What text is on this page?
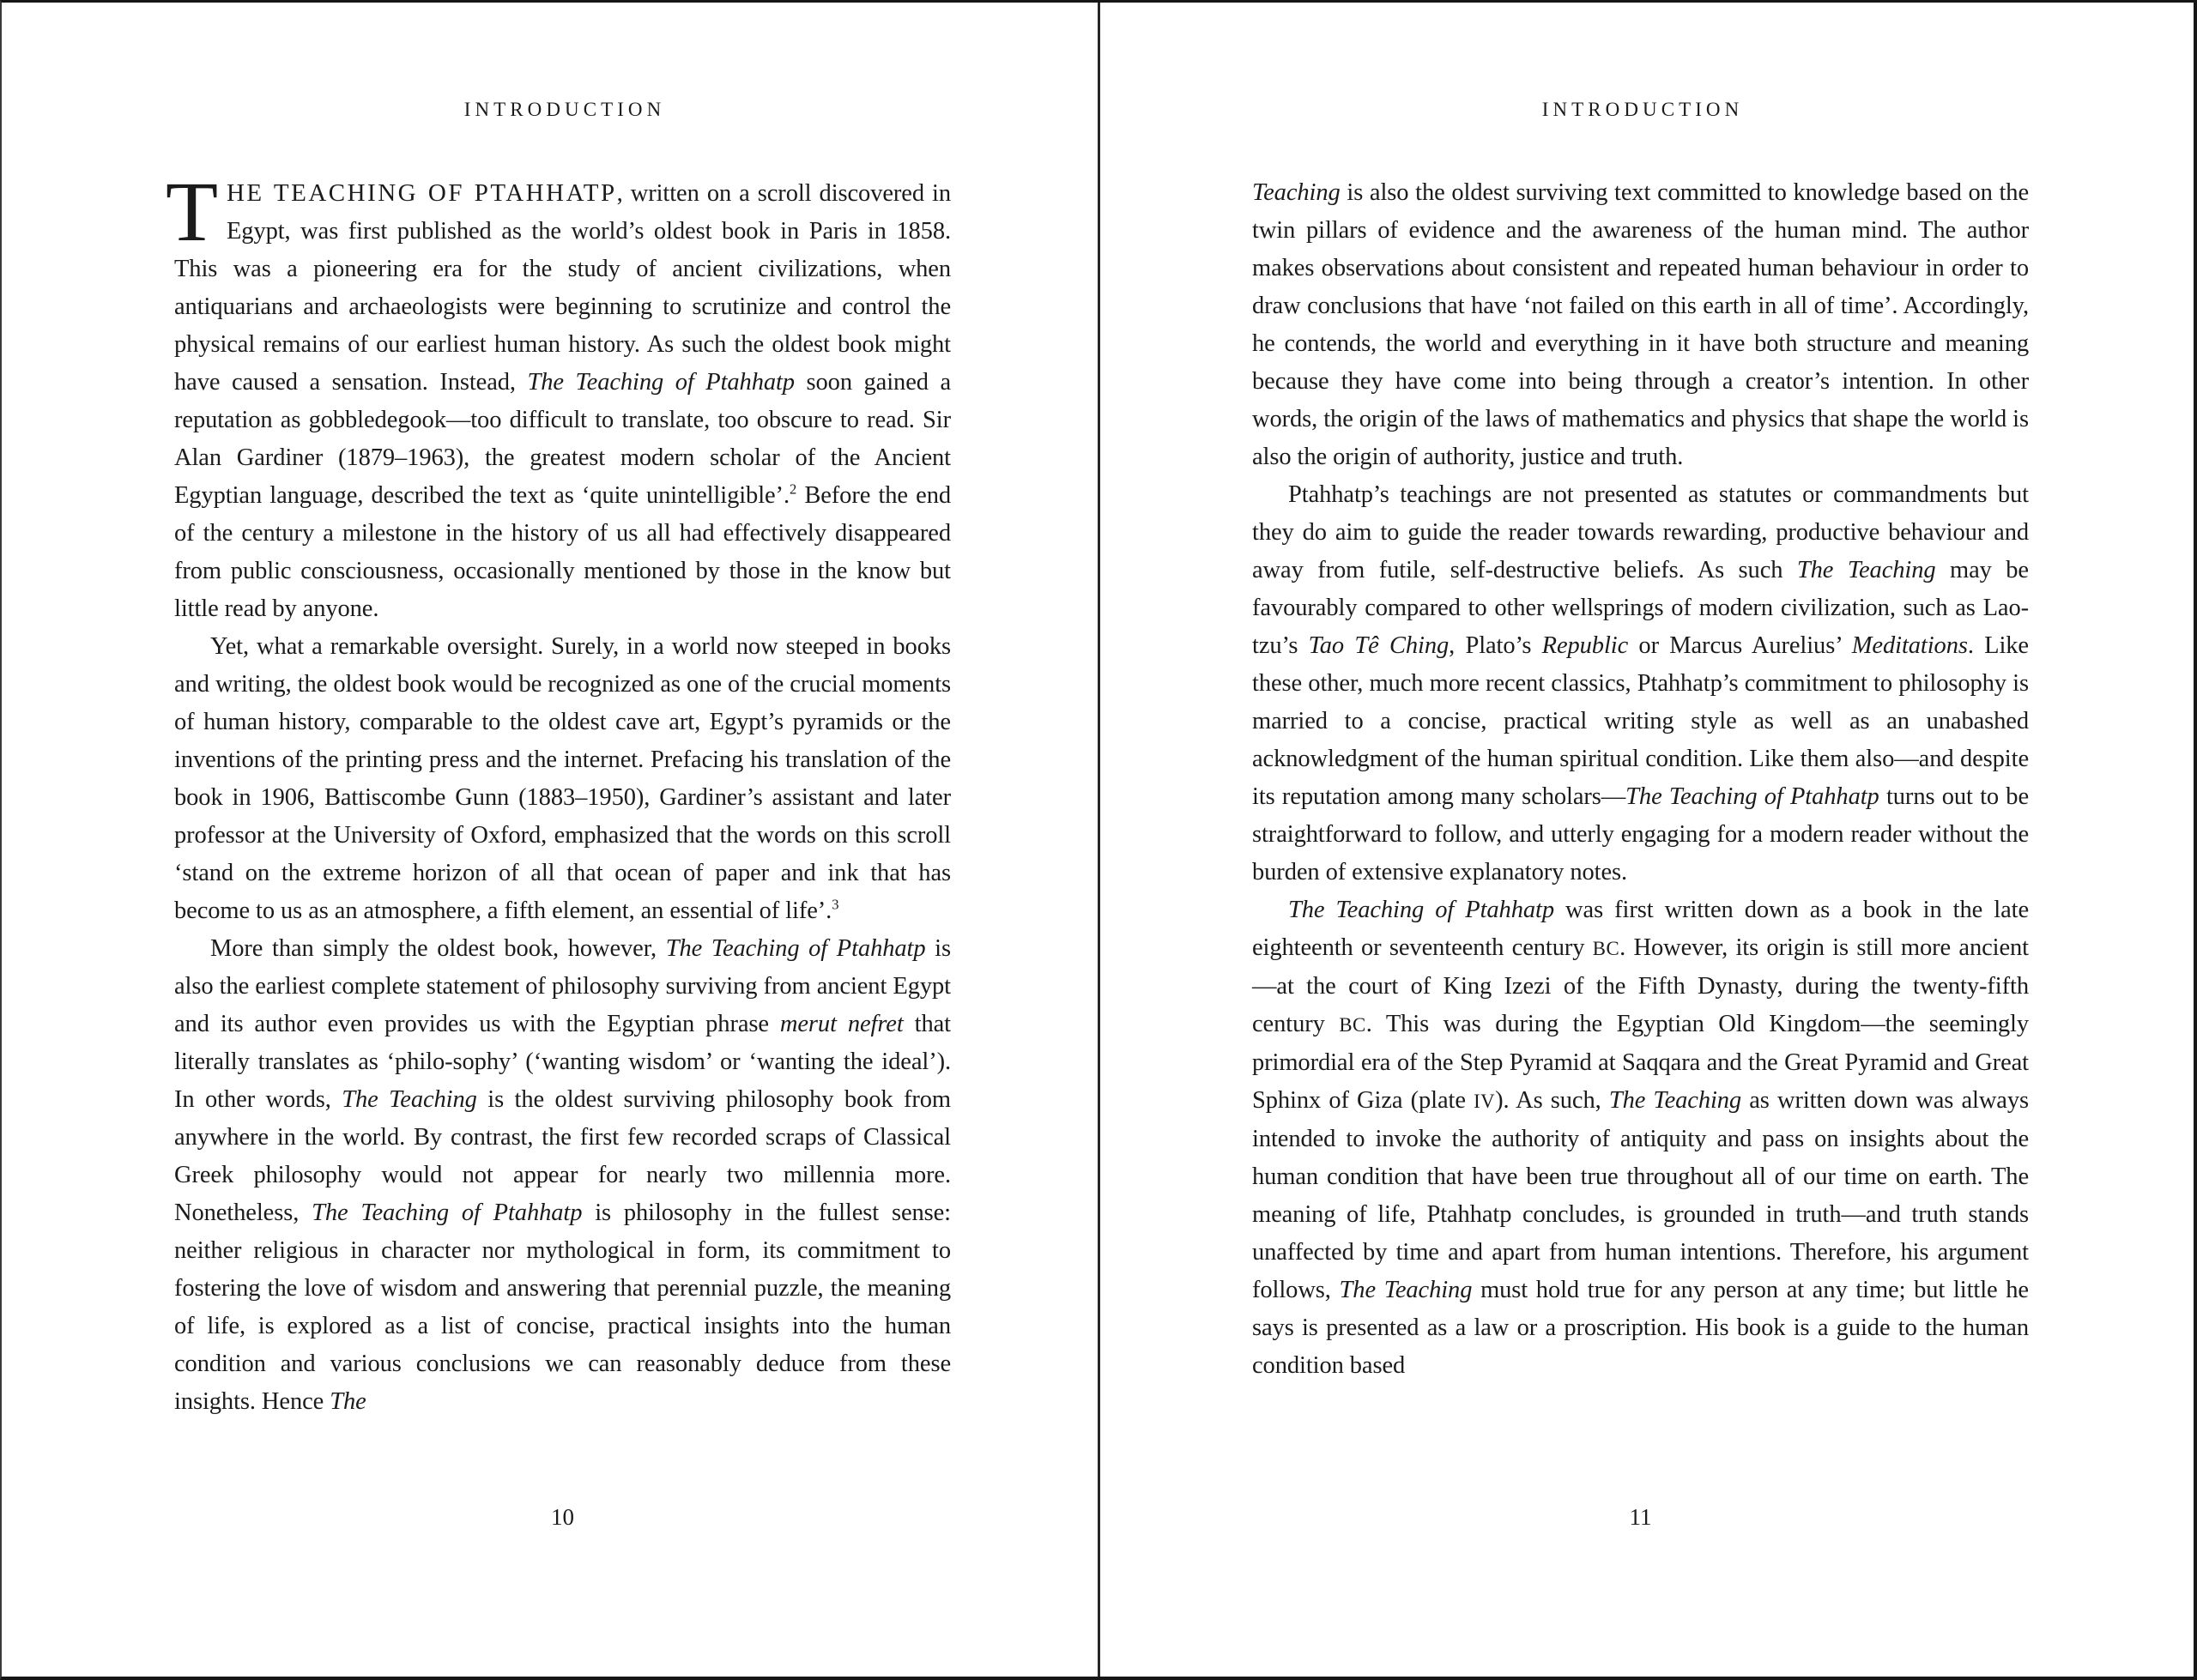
INTRODUCTION

THE TEACHING OF PTAHHATP, written on a scroll discovered in Egypt, was first published as the world’s oldest book in Paris in 1858. This was a pioneering era for the study of ancient civilizations, when antiquarians and archaeologists were beginning to scrutinize and control the physical remains of our earliest human history. As such the oldest book might have caused a sensation. Instead, The Teaching of Ptahhatp soon gained a reputation as gobbledegook—too difficult to translate, too obscure to read. Sir Alan Gardiner (1879–1963), the greatest modern scholar of the Ancient Egyptian language, described the text as ‘quite unintelligible’.$^2$ Before the end of the century a milestone in the history of us all had effectively disappeared from public consciousness, occasionally mentioned by those in the know but little read by anyone.

Yet, what a remarkable oversight. Surely, in a world now steeped in books and writing, the oldest book would be recognized as one of the crucial moments of human history, comparable to the oldest cave art, Egypt’s pyramids or the inventions of the printing press and the internet. Prefacing his translation of the book in 1906, Battiscombe Gunn (1883–1950), Gardiner’s assistant and later professor at the University of Oxford, emphasized that the words on this scroll ‘stand on the extreme horizon of all that ocean of paper and ink that has become to us as an atmosphere, a fifth element, an essential of life’.$^3$

More than simply the oldest book, however, The Teaching of Ptahhatp is also the earliest complete statement of philosophy surviving from ancient Egypt and its author even provides us with the Egyptian phrase merut nefret that literally translates as ‘philo-sophy’ (‘wanting wisdom’ or ‘wanting the ideal’). In other words, The Teaching is the oldest surviving philosophy book from anywhere in the world. By contrast, the first few recorded scraps of Classical Greek philosophy would not appear for nearly two millennia more. Nonetheless, The Teaching of Ptahhatp is philosophy in the fullest sense: neither religious in character nor mythological in form, its commitment to fostering the love of wisdom and answering that perennial puzzle, the meaning of life, is explored as a list of concise, practical insights into the human condition and various conclusions we can reasonably deduce from these insights. Hence The

10
INTRODUCTION

Teaching is also the oldest surviving text committed to knowledge based on the twin pillars of evidence and the awareness of the human mind. The author makes observations about consistent and repeated human behaviour in order to draw conclusions that have ‘not failed on this earth in all of time’. Accordingly, he contends, the world and everything in it have both structure and meaning because they have come into being through a creator’s intention. In other words, the origin of the laws of mathematics and physics that shape the world is also the origin of authority, justice and truth.

Ptahhatp’s teachings are not presented as statutes or commandments but they do aim to guide the reader towards rewarding, productive behaviour and away from futile, self-destructive beliefs. As such The Teaching may be favourably compared to other wellsprings of modern civilization, such as Lao-tzu’s Tao Tê Ching, Plato’s Republic or Marcus Aurelius’ Meditations. Like these other, much more recent classics, Ptahhatp’s commitment to philosophy is married to a concise, practical writing style as well as an unabashed acknowledgment of the human spiritual condition. Like them also—and despite its reputation among many scholars—The Teaching of Ptahhatp turns out to be straightforward to follow, and utterly engaging for a modern reader without the burden of extensive explanatory notes.

The Teaching of Ptahhatp was first written down as a book in the late eighteenth or seventeenth century BC. However, its origin is still more ancient—at the court of King Izezi of the Fifth Dynasty, during the twenty-fifth century BC. This was during the Egyptian Old Kingdom—the seemingly primordial era of the Step Pyramid at Saqqara and the Great Pyramid and Great Sphinx of Giza (plate IV). As such, The Teaching as written down was always intended to invoke the authority of antiquity and pass on insights about the human condition that have been true throughout all of our time on earth. The meaning of life, Ptahhatp concludes, is grounded in truth—and truth stands unaffected by time and apart from human intentions. Therefore, his argument follows, The Teaching must hold true for any person at any time; but little he says is presented as a law or a proscription. His book is a guide to the human condition based

11
